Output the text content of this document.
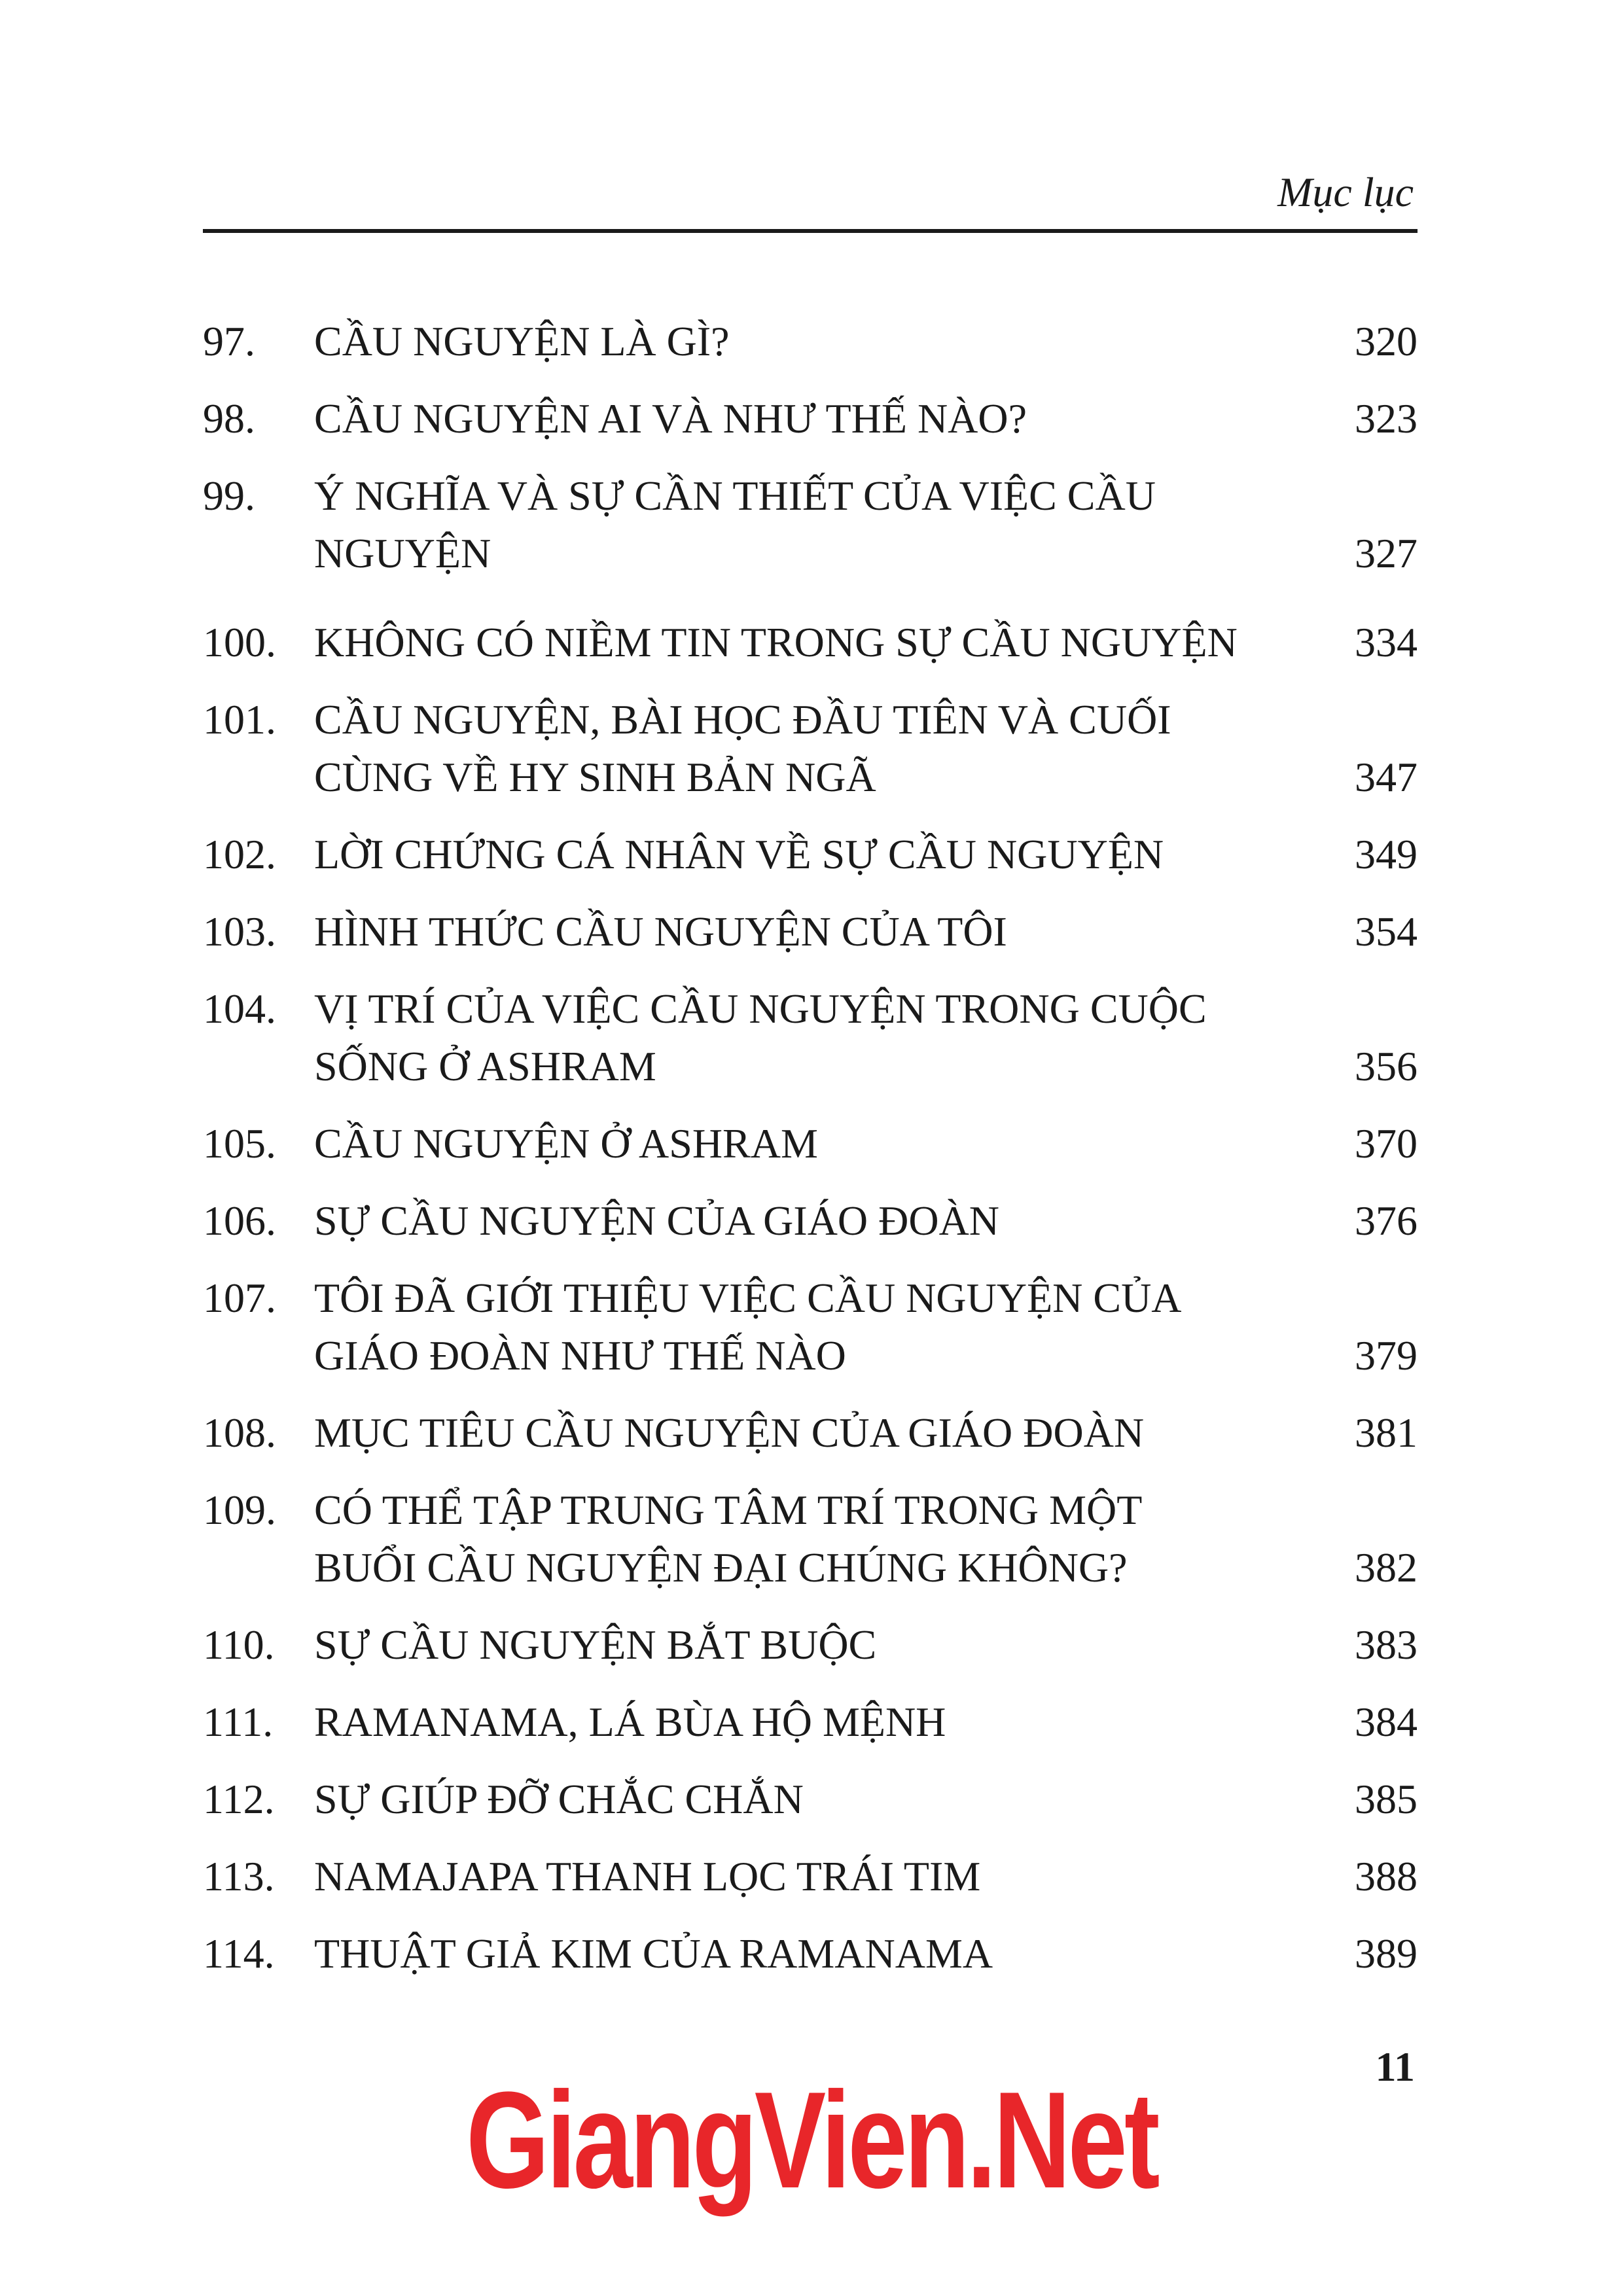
Mục lục
97.	CẦU NGUYỆN LÀ GÌ?	320
98.	CẦU NGUYỆN AI VÀ NHƯ THẾ NÀO?	323
99.	Ý NGHĨA VÀ SỰ CẦN THIẾT CỦA VIỆC CẦU NGUYỆN	327
100. KHÔNG CÓ NIỀM TIN TRONG SỰ CẦU NGUYỆN	334
101. CẦU NGUYỆN, BÀI HỌC ĐẦU TIÊN VÀ CUỐI
CÙNG VỀ HY SINH BẢN NGÃ	347
102. LỜI CHỨNG CÁ NHÂN VỀ SỰ CẦU NGUYỆN	349
103. HÌNH THỨC CẦU NGUYỆN CỦA TÔI	354
104. VỊ TRÍ CỦA VIỆC CẦU NGUYỆN TRONG CUỘC
SỐNG Ở ASHRAM	356
105. CẦU NGUYỆN Ở ASHRAM	370
106. SỰ CẦU NGUYỆN CỦA GIÁO ĐOÀN	376
107. TÔI ĐÃ GIỚI THIỆU VIỆC CẦU NGUYỆN CỦA
GIÁO ĐOÀN NHƯ THẾ NÀO	379
108. MỤC TIÊU CẦU NGUYỆN CỦA GIÁO ĐOÀN	381
109. CÓ THỂ TẬP TRUNG TÂM TRÍ TRONG MỘT
BUỔI CẦU NGUYỆN ĐẠI CHÚNG KHÔNG?	382
110. SỰ CẦU NGUYỆN BẮT BUỘC	383
111. RAMANAMA, LÁ BÙA HỘ MỆNH	384
112. SỰ GIÚP ĐỠ CHẮC CHẮN	385
113. NAMAJAPA THANH LỌC TRÁI TIM	388
114. THUẬT GIẢ KIM CỦA RAMANAMA	389
11
GiangVien.Net
